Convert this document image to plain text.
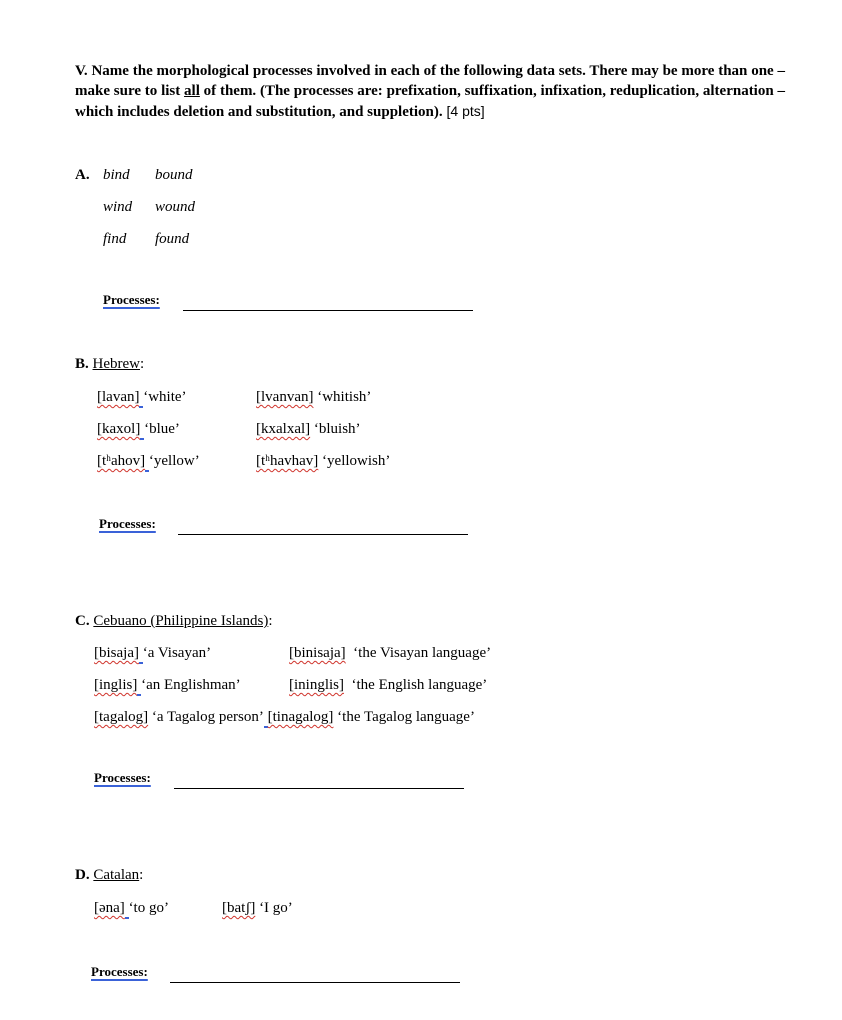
V. Name the morphological processes involved in each of the following data sets. There may be more than one – make sure to list all of them. (The processes are: prefixation, suffixation, infixation, reduplication, alternation – which includes deletion and substitution, and suppletion). [4 pts]
A. bind bound
wind wound
find found
Processes:
B. Hebrew:
[lavan] ‘white’	[lvanvan] ‘whitish’
[kaxol] ‘blue’	[kxalxal] ‘bluish’
[tʰahov] ‘yellow’	[tʰhavhav] ‘yellowish’
Processes:
C. Cebuano (Philippine Islands):
[bisaja] ‘a Visayan’	[binisaja] ‘the Visayan language’
[inglis] ‘an Englishman’	[ininglis] ‘the English language’
[tagalog] ‘a Tagalog person’ [tinagalog] ‘the Tagalog language’
Processes:
D. Catalan:
[əna] ‘to go’	[batʃ] ‘I go’
Processes:
